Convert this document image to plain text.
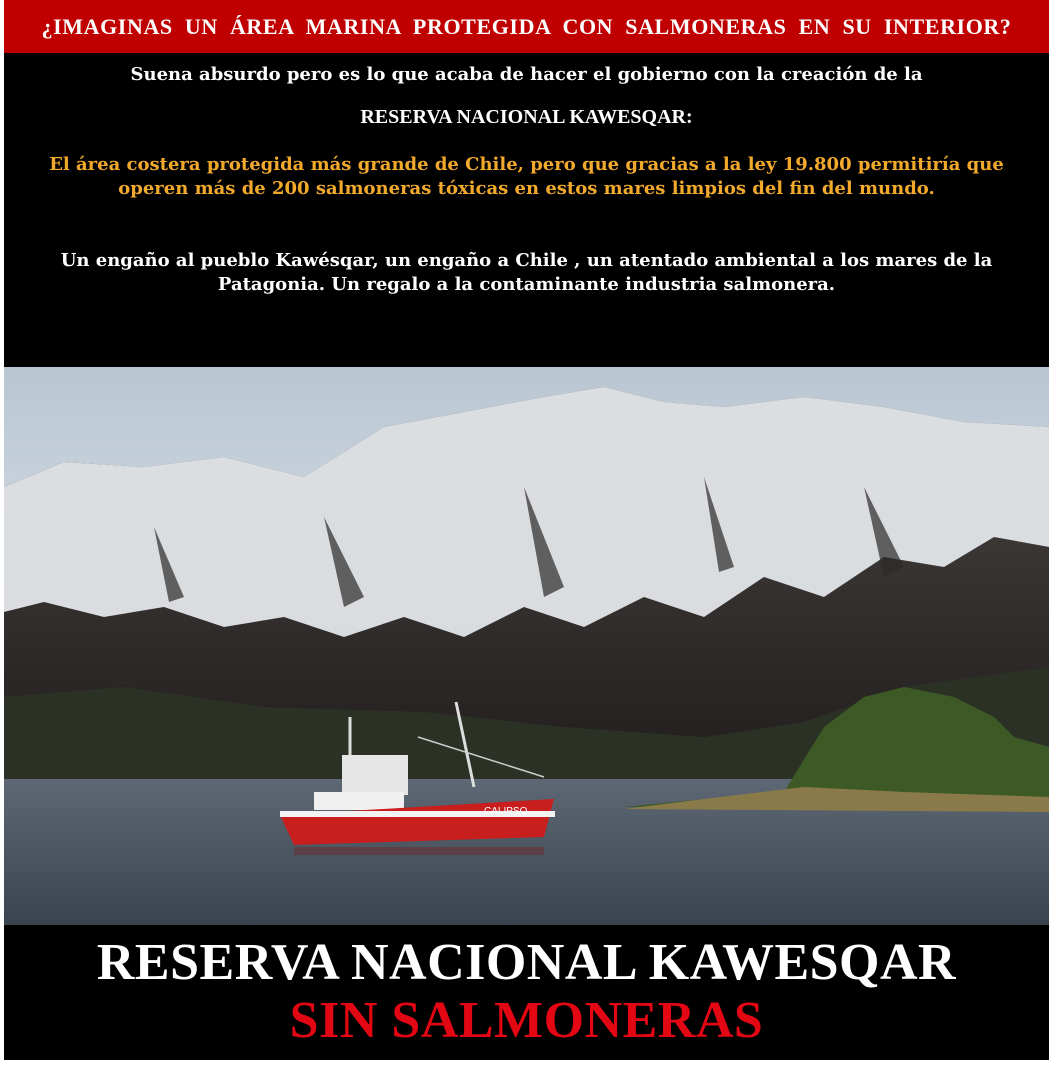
¿IMAGINAS UN ÁREA MARINA PROTEGIDA CON SALMONERAS EN SU INTERIOR?
Suena absurdo pero es lo que acaba de hacer el gobierno con la creación de la
RESERVA NACIONAL KAWESQAR:
El área costera protegida más grande de Chile, pero que gracias a la ley 19.800 permitiría que operen más de 200 salmoneras tóxicas en estos mares limpios del fin del mundo.
Un engaño al pueblo Kawésqar, un engaño a Chile , un atentado ambiental a los mares de la Patagonia. Un regalo a la contaminante industria salmonera.
CALIPSO
RESERVA NACIONAL KAWESQAR
SIN SALMONERAS
